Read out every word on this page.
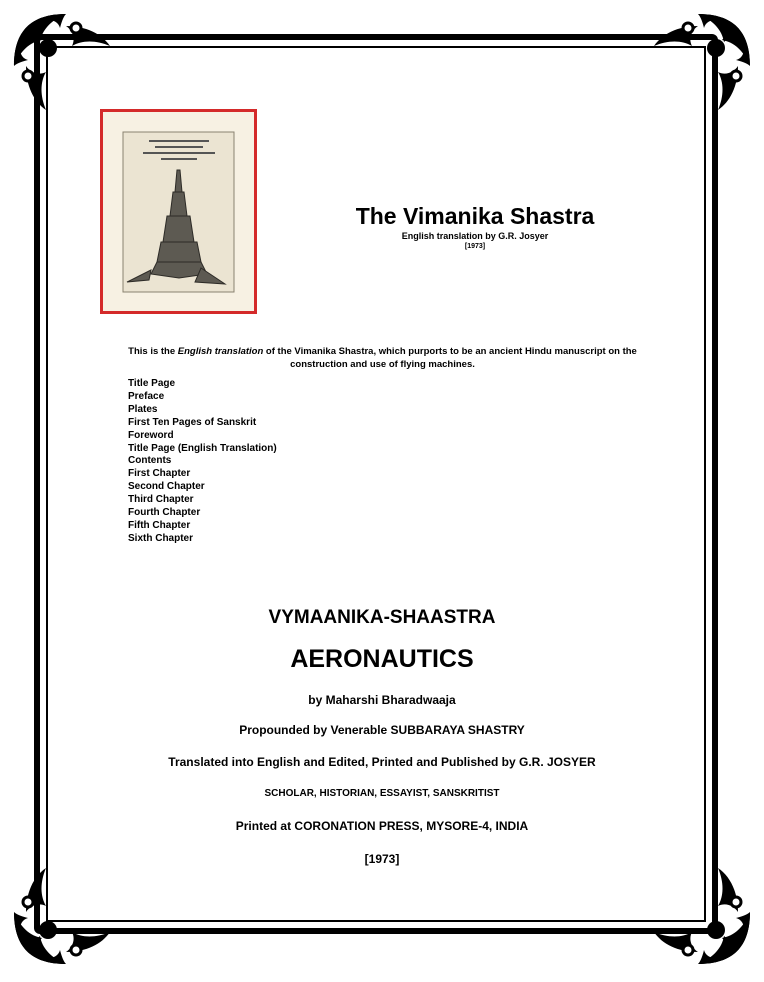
The Vimanika Shastra

English translation by G.R. Josyer

[1973]

This is the English translation of the Vimanika Shastra, which purports to be an ancient Hindu manuscript on the construction and use of flying machines.

Title Page
Preface
Plates
First Ten Pages of Sanskrit
Foreword
Title Page (English Translation)
Contents
First Chapter
Second Chapter
Third Chapter
Fourth Chapter
Fifth Chapter
Sixth Chapter
VYMAANIKA-SHAASTRA
AERONAUTICS
by Maharshi Bharadwaaja
Propounded by Venerable SUBBARAYA SHASTRY
Translated into English and Edited, Printed and Published by G.R. JOSYER
SCHOLAR, HISTORIAN, ESSAYIST, SANSKRITIST
Printed at CORONATION PRESS, MYSORE-4, INDIA
[1973]
